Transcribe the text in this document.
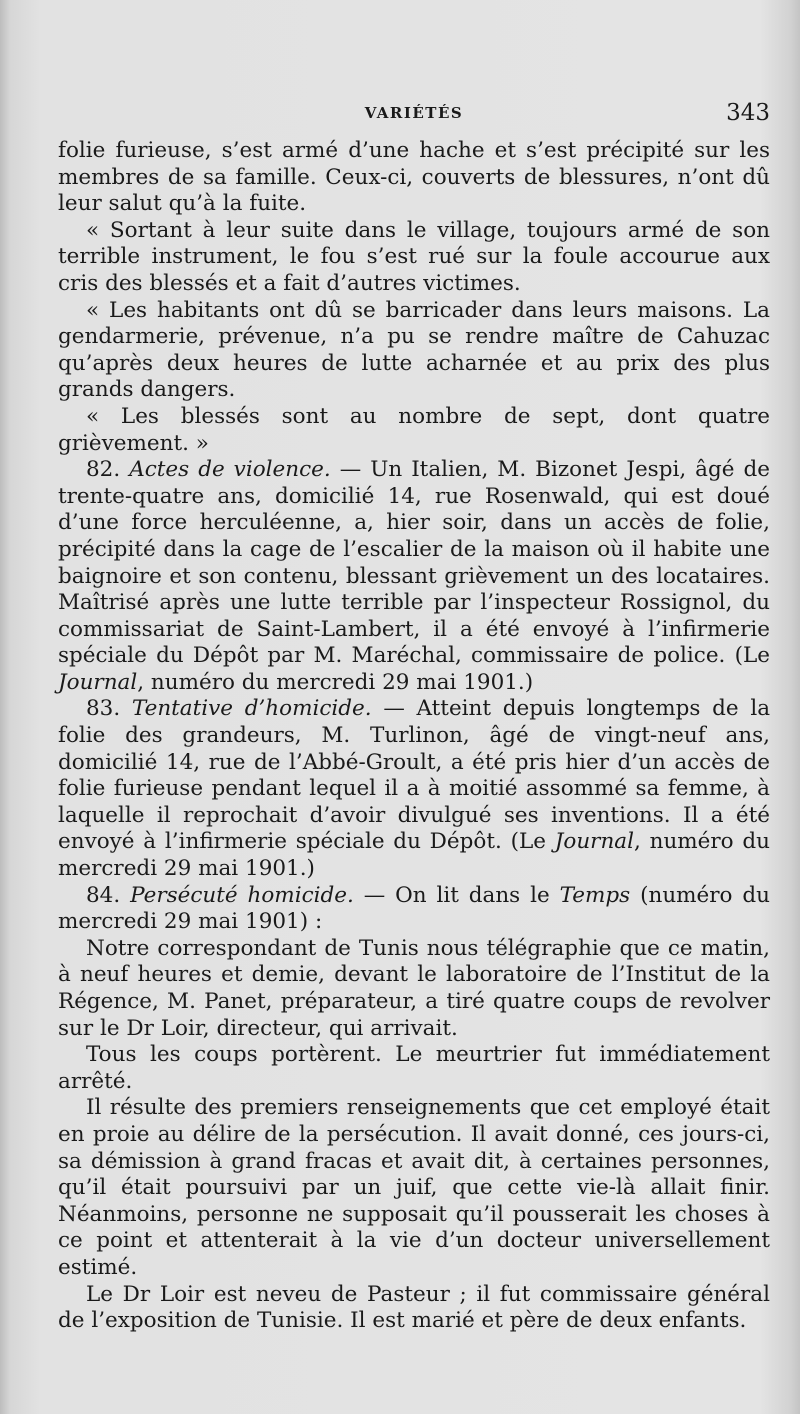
VARIÉTÉS	343

folie furieuse, s’est armé d’une hache et s’est précipité sur les membres de sa famille. Ceux-ci, couverts de blessures, n’ont dû leur salut qu’à la fuite.

« Sortant à leur suite dans le village, toujours armé de son terrible instrument, le fou s’est rué sur la foule accourue aux cris des blessés et a fait d’autres victimes.

« Les habitants ont dû se barricader dans leurs maisons. La gendarmerie, prévenue, n’a pu se rendre maître de Cahuzac qu’après deux heures de lutte acharnée et au prix des plus grands dangers.

« Les blessés sont au nombre de sept, dont quatre grièvement. »

82. Actes de violence. — Un Italien, M. Bizonet Jespi, âgé de trente-quatre ans, domicilié 14, rue Rosenwald, qui est doué d’une force herculéenne, a, hier soir, dans un accès de folie, précipité dans la cage de l’escalier de la maison où il habite une baignoire et son contenu, blessant grièvement un des locataires. Maîtrisé après une lutte terrible par l’inspecteur Rossignol, du commissariat de Saint-Lambert, il a été envoyé à l’infirmerie spéciale du Dépôt par M. Maréchal, commissaire de police. (Le Journal, numéro du mercredi 29 mai 1901.)

83. Tentative d’homicide. — Atteint depuis longtemps de la folie des grandeurs, M. Turlinon, âgé de vingt-neuf ans, domicilié 14, rue de l’Abbé-Groult, a été pris hier d’un accès de folie furieuse pendant lequel il a à moitié assommé sa femme, à laquelle il reprochait d’avoir divulgué ses inventions. Il a été envoyé à l’infirmerie spéciale du Dépôt. (Le Journal, numéro du mercredi 29 mai 1901.)

84. Persécuté homicide. — On lit dans le Temps (numéro du mercredi 29 mai 1901) :

Notre correspondant de Tunis nous télégraphie que ce matin, à neuf heures et demie, devant le laboratoire de l’Institut de la Régence, M. Panet, préparateur, a tiré quatre coups de revolver sur le Dr Loir, directeur, qui arrivait.

Tous les coups portèrent. Le meurtrier fut immédiatement arrêté.

Il résulte des premiers renseignements que cet employé était en proie au délire de la persécution. Il avait donné, ces jours-ci, sa démission à grand fracas et avait dit, à certaines personnes, qu’il était poursuivi par un juif, que cette vie-là allait finir. Néanmoins, personne ne supposait qu’il pousserait les choses à ce point et attenterait à la vie d’un docteur universellement estimé.

Le Dr Loir est neveu de Pasteur ; il fut commissaire général de l’exposition de Tunisie. Il est marié et père de deux enfants.
